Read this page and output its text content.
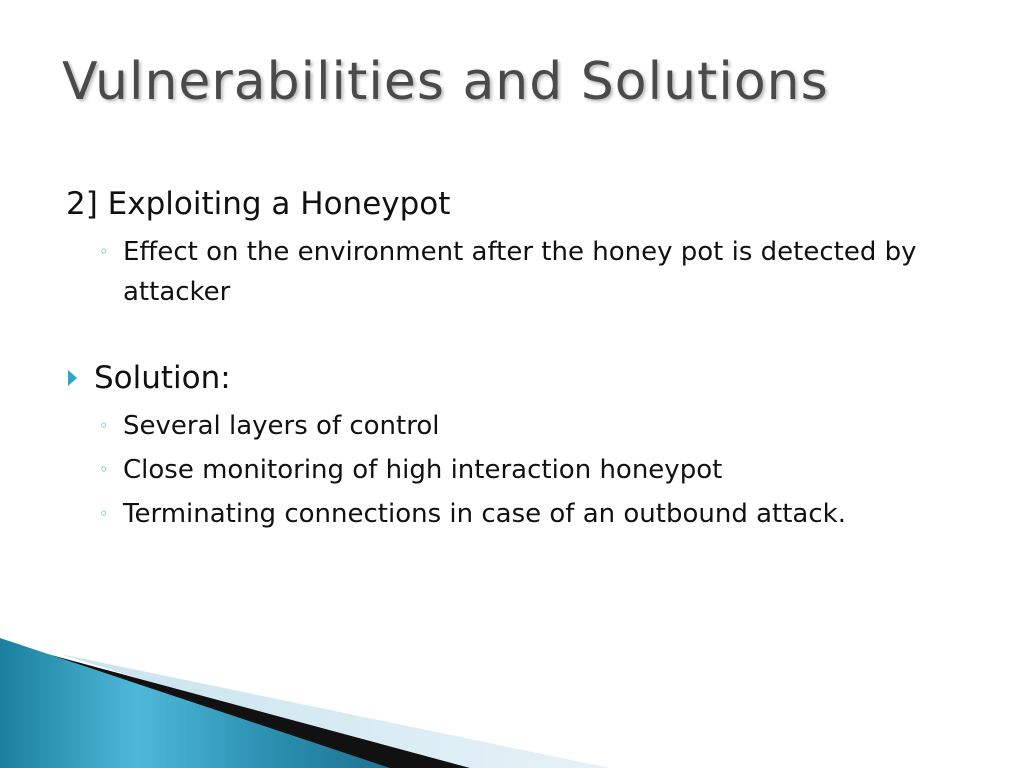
Vulnerabilities and Solutions

2] Exploiting a Honeypot

◦ Effect on the environment after the honey pot is detected by attacker
Solution:
◦ Several layers of control
◦ Close monitoring of high interaction honeypot
◦ Terminating connections in case of an outbound attack.
